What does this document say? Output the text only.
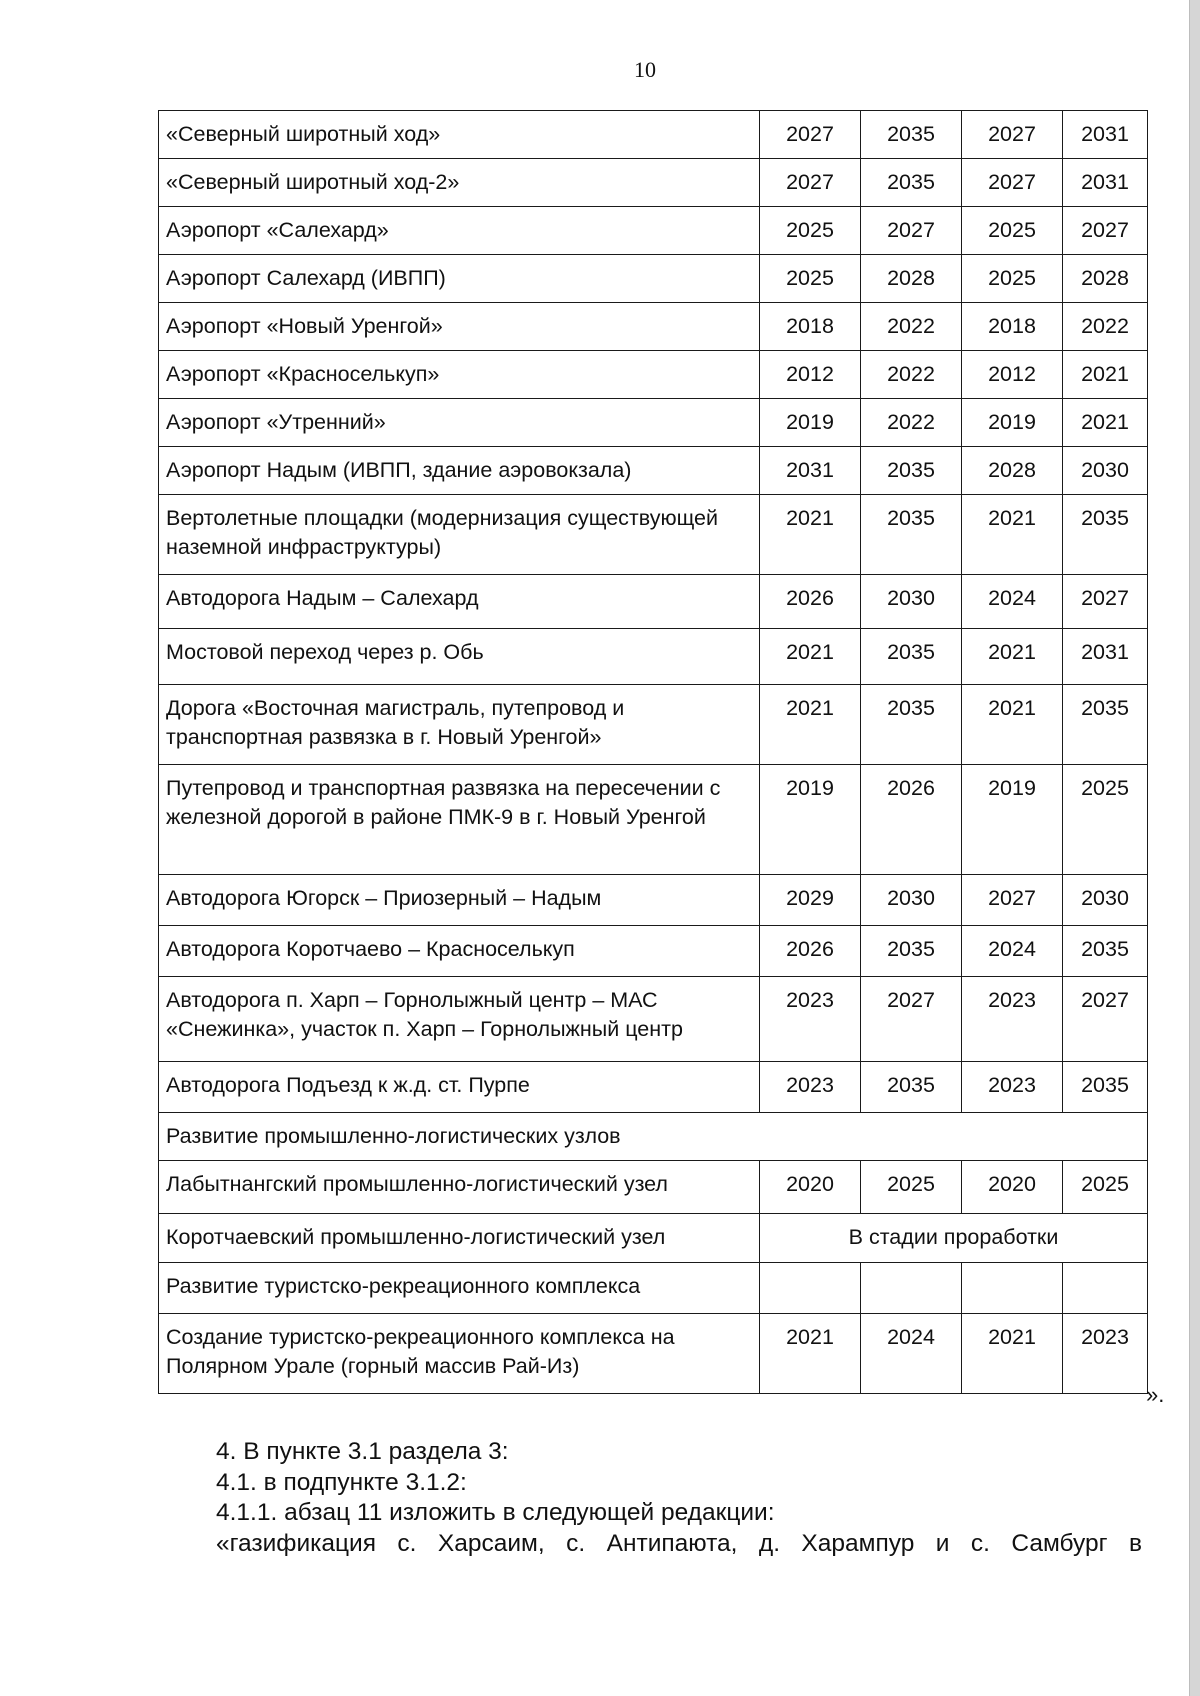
10
«Северный широтный ход»	2027	2035	2027	2031
«Северный широтный ход-2»	2027	2035	2027	2031
Аэропорт «Салехард»	2025	2027	2025	2027
Аэропорт Салехард (ИВПП)	2025	2028	2025	2028
Аэропорт «Новый Уренгой»	2018	2022	2018	2022
Аэропорт «Красноселькуп»	2012	2022	2012	2021
Аэропорт «Утренний»	2019	2022	2019	2021
Аэропорт Надым (ИВПП, здание аэровокзала)	2031	2035	2028	2030
Вертолетные площадки (модернизация существующей наземной инфраструктуры)	2021	2035	2021	2035
Автодорога Надым – Салехард	2026	2030	2024	2027
Мостовой переход через р. Обь	2021	2035	2021	2031
Дорога «Восточная магистраль, путепровод и транспортная развязка в г. Новый Уренгой»	2021	2035	2021	2035
Путепровод и транспортная развязка на пересечении с железной дорогой в районе ПМК-9 в г. Новый Уренгой	2019	2026	2019	2025
Автодорога Югорск – Приозерный – Надым	2029	2030	2027	2030
Автодорога Коротчаево – Красноселькуп	2026	2035	2024	2035
Автодорога п. Харп – Горнолыжный центр – МАС «Снежинка», участок п. Харп – Горнолыжный центр	2023	2027	2023	2027
Автодорога Подъезд к ж.д. ст. Пурпе	2023	2035	2023	2035
Развитие промышленно-логистических узлов				
Лабытнангский промышленно-логистический узел	2020	2025	2020	2025
Коротчаевский промышленно-логистический узел	В стадии проработки			
Развитие туристско-рекреационного комплекса				
Создание туристско-рекреационного комплекса на Полярном Урале (горный массив Рай-Из)	2021	2024	2021	2023
».
4. В пункте 3.1 раздела 3:
4.1. в подпункте 3.1.2:
4.1.1. абзац 11 изложить в следующей редакции:
«газификация с. Харсаим, с. Антипаюта, д. Харампур и с. Самбург в
